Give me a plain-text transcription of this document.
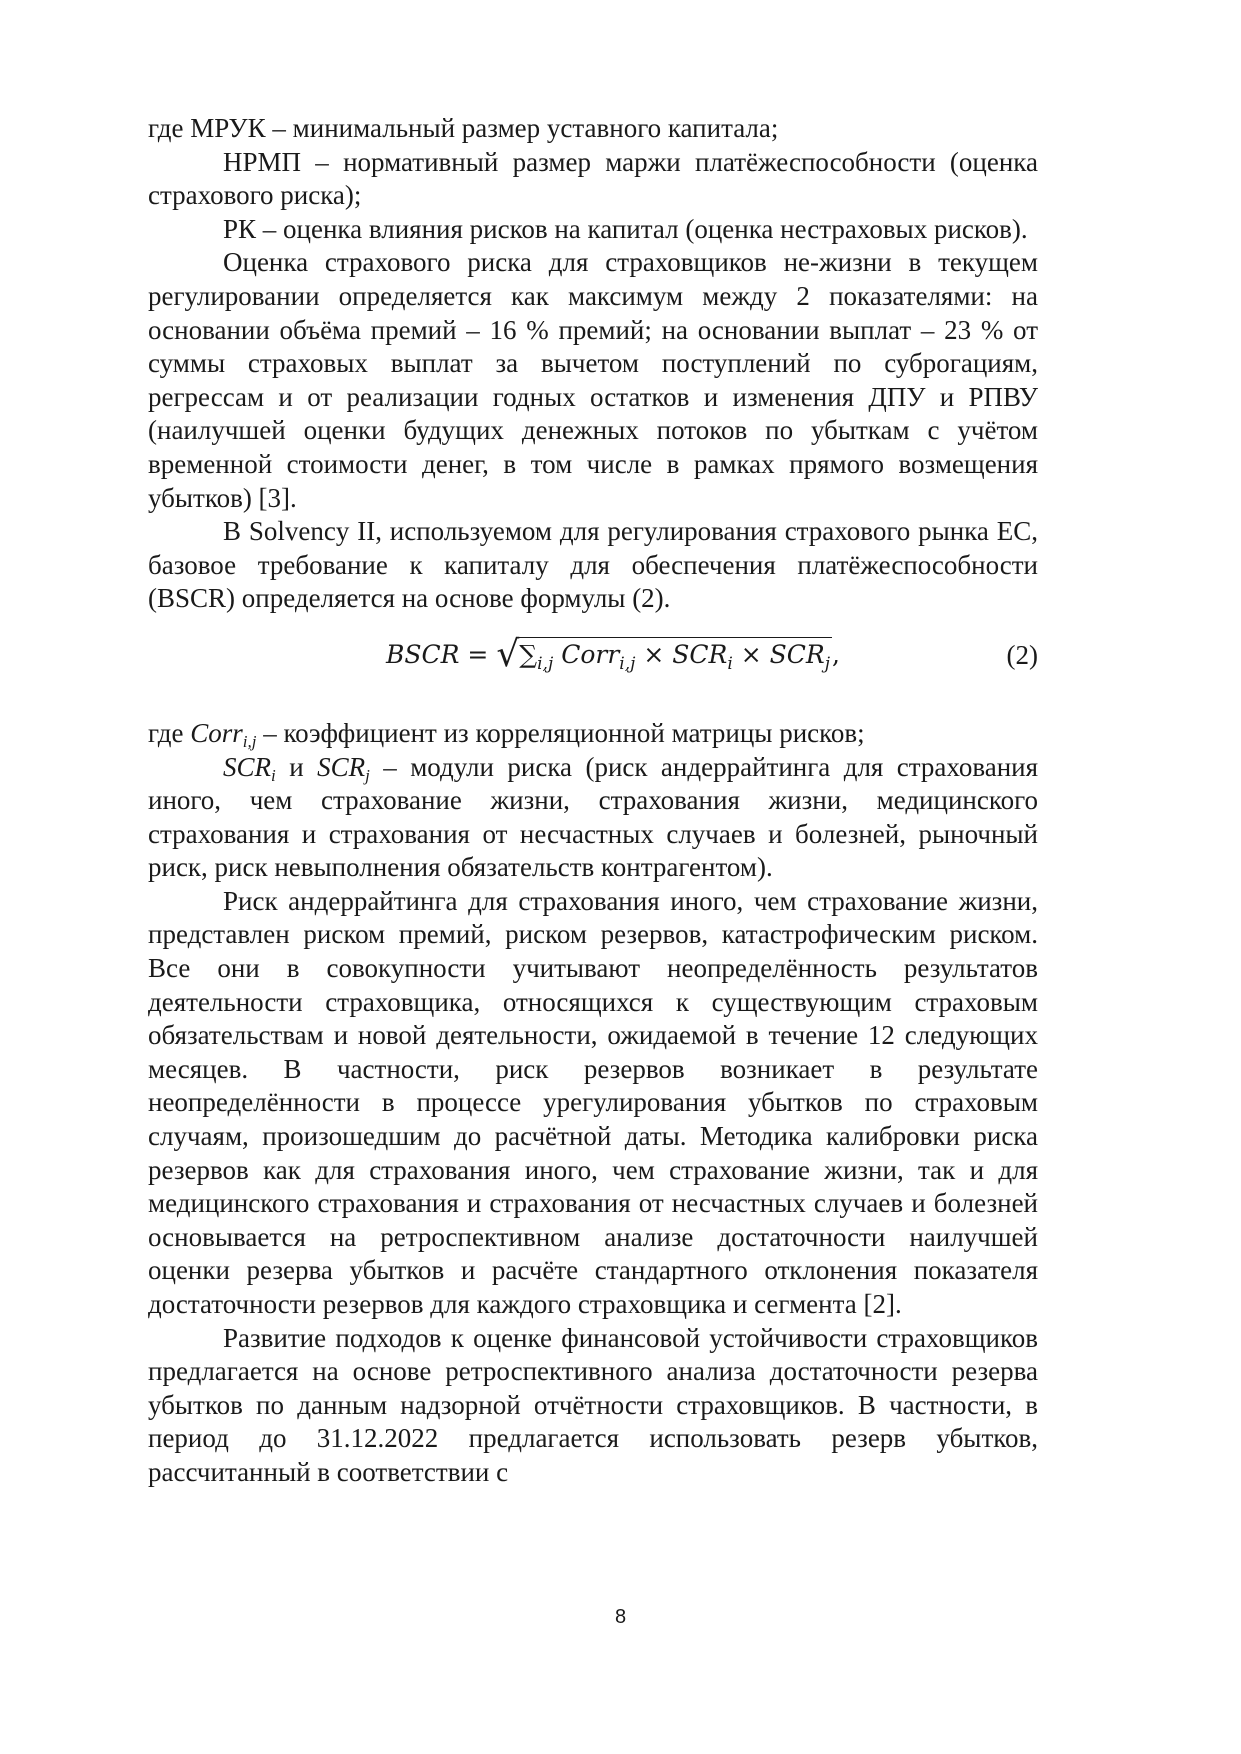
где МРУК – минимальный размер уставного капитала;

НРМП – нормативный размер маржи платёжеспособности (оценка страхового риска);

РК – оценка влияния рисков на капитал (оценка нестраховых рисков).

Оценка страхового риска для страховщиков не-жизни в текущем регулировании определяется как максимум между 2 показателями: на основании объёма премий – 16 % премий; на основании выплат – 23 % от суммы страховых выплат за вычетом поступлений по суброгациям, регрессам и от реализации годных остатков и изменения ДПУ и РПВУ (наилучшей оценки будущих денежных потоков по убыткам с учётом временной стоимости денег, в том числе в рамках прямого возмещения убытков) [3].

В Solvency II, используемом для регулирования страхового рынка ЕС, базовое требование к капиталу для обеспечения платёжеспособности (BSCR) определяется на основе формулы (2).

BSCR = $√\sum_{i,j}$ Corr$_{i,j}$ × $SCR_i \times SCR_j$,	(2)

где Corr$_{i,j}$ – коэффициент из корреляционной матрицы рисков;

$SCR_i$ и $SCR_j$ – модули риска (риск андеррайтинга для страхования иного, чем страхование жизни, страхования жизни, медицинского страхования и страхования от несчастных случаев и болезней, рыночный риск, риск невыполнения обязательств контрагентом).

Риск андеррайтинга для страхования иного, чем страхование жизни, представлен риском премий, риском резервов, катастрофическим риском. Все они в совокупности учитывают неопределённость результатов деятельности страховщика, относящихся к существующим страховым обязательствам и новой деятельности, ожидаемой в течение 12 следующих месяцев. В частности, риск резервов возникает в результате неопределённости в процессе урегулирования убытков по страховым случаям, произошедшим до расчётной даты. Методика калибровки риска резервов как для страхования иного, чем страхование жизни, так и для медицинского страхования и страхования от несчастных случаев и болезней основывается на ретроспективном анализе достаточности наилучшей оценки резерва убытков и расчёте стандартного отклонения показателя достаточности резервов для каждого страховщика и сегмента [2].

Развитие подходов к оценке финансовой устойчивости страховщиков предлагается на основе ретроспективного анализа достаточности резерва убытков по данным надзорной отчётности страховщиков. В частности, в период до 31.12.2022 предлагается использовать резерв убытков, рассчитанный в соответствии с

8
